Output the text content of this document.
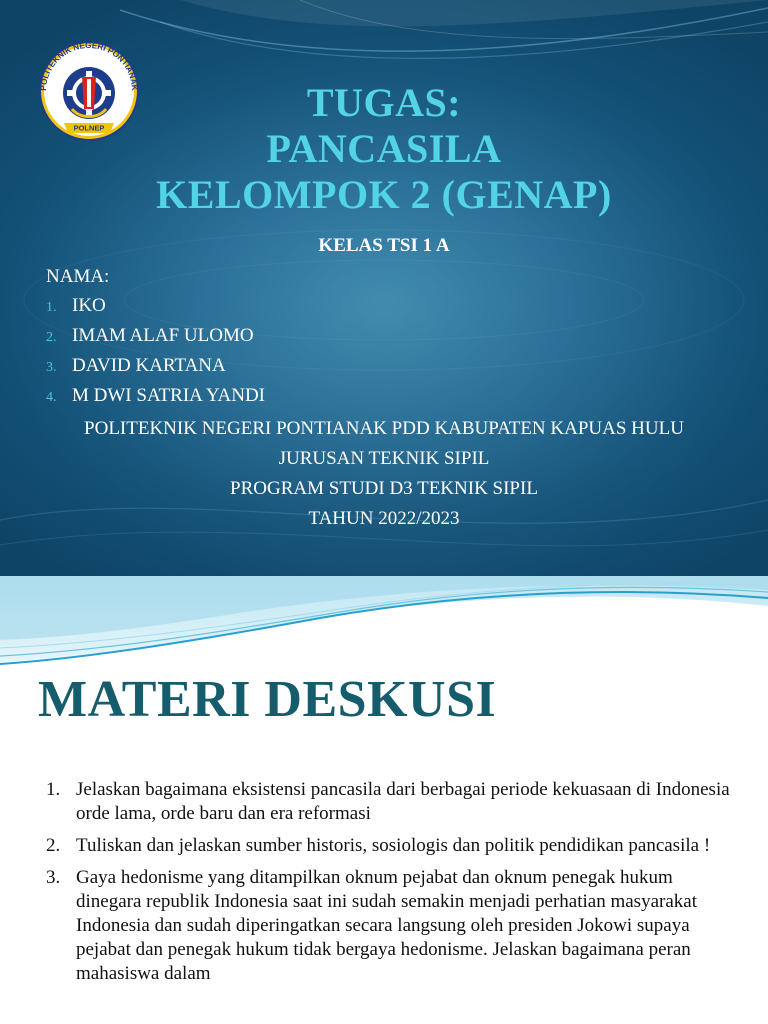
POLITEKNIK NEGERI PONTIANAK
POLNEP
TUGAS:
PANCASILA
KELOMPOK 2 (GENAP)
KELAS TSI 1 A
NAMA:
1. IKO
2. IMAM ALAF ULOMO
3. DAVID KARTANA
4. M DWI SATRIA YANDI
POLITEKNIK NEGERI PONTIANAK PDD KABUPATEN KAPUAS HULU
JURUSAN TEKNIK SIPIL
PROGRAM STUDI D3 TEKNIK SIPIL
TAHUN 2022/2023
MATERI DESKUSI
1. Jelaskan bagaimana eksistensi pancasila dari berbagai periode kekuasaan di Indonesia orde lama, orde baru dan era reformasi
2. Tuliskan dan jelaskan sumber historis, sosiologis dan politik pendidikan pancasila !
3. Gaya hedonisme yang ditampilkan oknum pejabat dan oknum penegak hukum dinegara republik Indonesia saat ini sudah semakin menjadi perhatian masyarakat Indonesia dan sudah diperingatkan secara langsung oleh presiden Jokowi supaya pejabat dan penegak hukum tidak bergaya hedonisme. Jelaskan bagaimana peran mahasiswa dalam
